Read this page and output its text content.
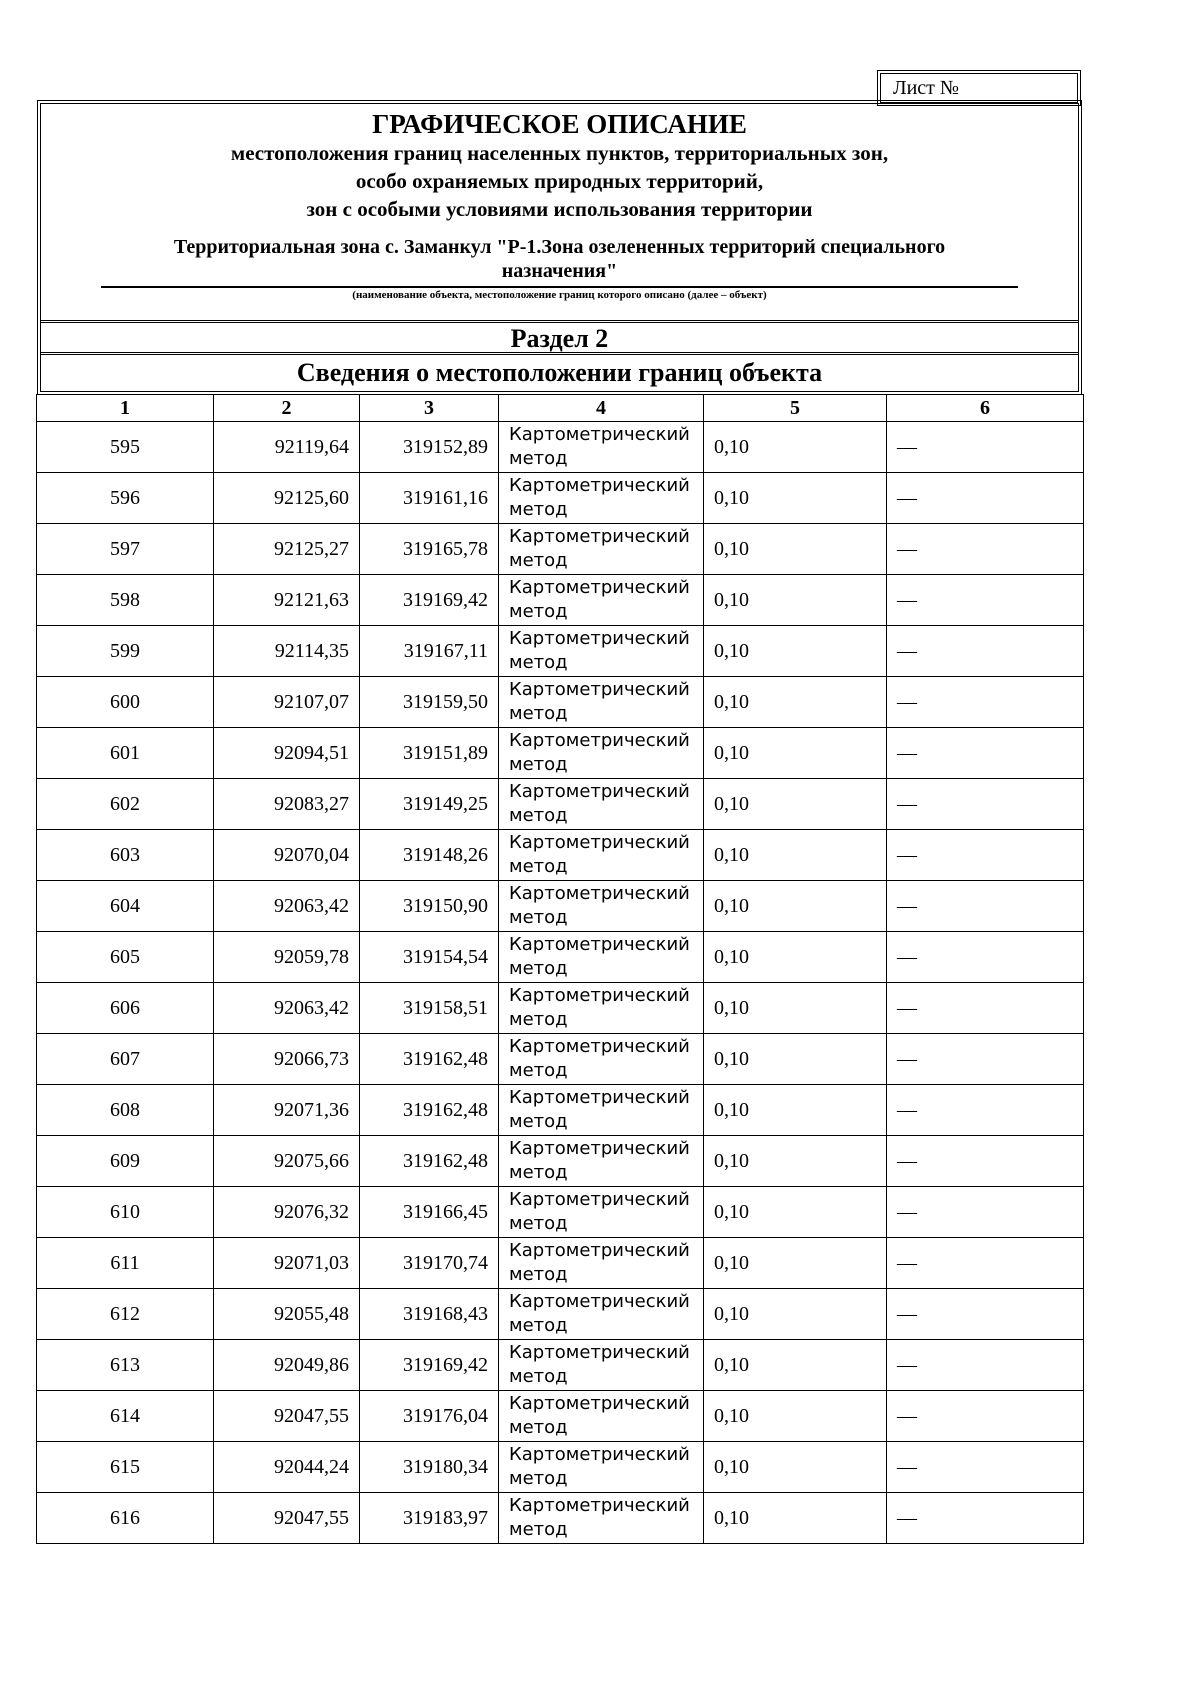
Лист №
ГРАФИЧЕСКОЕ ОПИСАНИЕ
местоположения границ населенных пунктов, территориальных зон,
особо охраняемых природных территорий,
зон с особыми условиями использования территории
Территориальная зона с. Заманкул "Р-1.Зона озелененных территорий специального
назначения"
(наименование объекта, местоположение границ которого описано (далее – объект)
Раздел 2
Сведения о местоположении границ объекта
1	2	3	4	5	6
595	92119,64	319152,89	Картометрический метод	0,10	—
596	92125,60	319161,16	Картометрический метод	0,10	—
597	92125,27	319165,78	Картометрический метод	0,10	—
598	92121,63	319169,42	Картометрический метод	0,10	—
599	92114,35	319167,11	Картометрический метод	0,10	—
600	92107,07	319159,50	Картометрический метод	0,10	—
601	92094,51	319151,89	Картометрический метод	0,10	—
602	92083,27	319149,25	Картометрический метод	0,10	—
603	92070,04	319148,26	Картометрический метод	0,10	—
604	92063,42	319150,90	Картометрический метод	0,10	—
605	92059,78	319154,54	Картометрический метод	0,10	—
606	92063,42	319158,51	Картометрический метод	0,10	—
607	92066,73	319162,48	Картометрический метод	0,10	—
608	92071,36	319162,48	Картометрический метод	0,10	—
609	92075,66	319162,48	Картометрический метод	0,10	—
610	92076,32	319166,45	Картометрический метод	0,10	—
611	92071,03	319170,74	Картометрический метод	0,10	—
612	92055,48	319168,43	Картометрический метод	0,10	—
613	92049,86	319169,42	Картометрический метод	0,10	—
614	92047,55	319176,04	Картометрический метод	0,10	—
615	92044,24	319180,34	Картометрический метод	0,10	—
616	92047,55	319183,97	Картометрический метод	0,10	—
